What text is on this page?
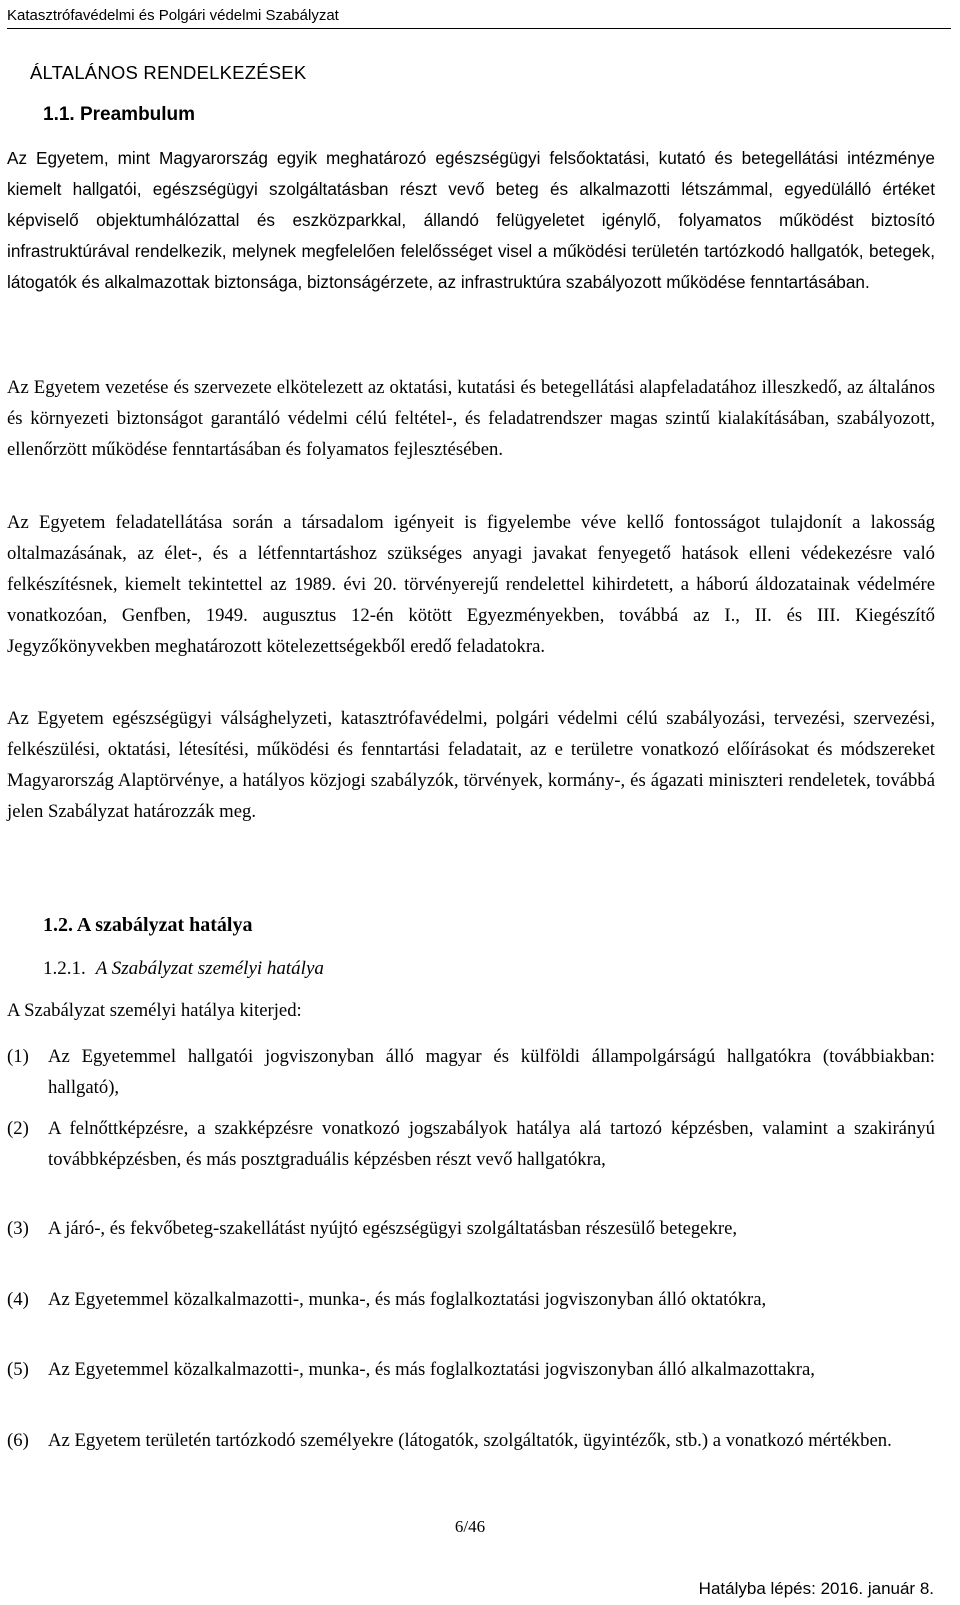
Katasztrófavédelmi és Polgári védelmi Szabályzat
ÁLTALÁNOS RENDELKEZÉSEK
1.1. Preambulum

Az Egyetem, mint Magyarország egyik meghatározó egészségügyi felsőoktatási, kutató és betegellátási intézménye kiemelt hallgatói, egészségügyi szolgáltatásban részt vevő beteg és alkalmazotti létszámmal, egyedülálló értéket képviselő objektumhálózattal és eszközparkkal, állandó felügyeletet igénylő, folyamatos működést biztosító infrastruktúrával rendelkezik, melynek megfelelően felelősséget visel a működési területén tartózkodó hallgatók, betegek, látogatók és alkalmazottak biztonsága, biztonságérzete, az infrastruktúra szabályozott működése fenntartásában.

Az Egyetem vezetése és szervezete elkötelezett az oktatási, kutatási és betegellátási alapfeladatához illeszkedő, az általános és környezeti biztonságot garantáló védelmi célú feltétel-, és feladatrendszer magas szintű kialakításában, szabályozott, ellenőrzött működése fenntartásában és folyamatos fejlesztésében.

Az Egyetem feladatellátása során a társadalom igényeit is figyelembe véve kellő fontosságot tulajdonít a lakosság oltalmazásának, az élet-, és a létfenntartáshoz szükséges anyagi javakat fenyegető hatások elleni védekezésre való felkészítésnek, kiemelt tekintettel az 1989. évi 20. törvényerejű rendelettel kihirdetett, a háború áldozatainak védelmére vonatkozóan, Genfben, 1949. augusztus 12-én kötött Egyezményekben, továbbá az I., II. és III. Kiegészítő Jegyzőkönyvekben meghatározott kötelezettségekből eredő feladatokra.

Az Egyetem egészségügyi válsághelyzeti, katasztrófavédelmi, polgári védelmi célú szabályozási, tervezési, szervezési, felkészülési, oktatási, létesítési, működési és fenntartási feladatait, az e területre vonatkozó előírásokat és módszereket Magyarország Alaptörvénye, a hatályos közjogi szabályzók, törvények, kormány-, és ágazati miniszteri rendeletek, továbbá jelen Szabályzat határozzák meg.

1.2. A szabályzat hatálya
1.2.1. A Szabályzat személyi hatálya
A Szabályzat személyi hatálya kiterjed:
(1) Az Egyetemmel hallgatói jogviszonyban álló magyar és külföldi állampolgárságú hallgatókra (továbbiakban: hallgató),
(2) A felnőttképzésre, a szakképzésre vonatkozó jogszabályok hatálya alá tartozó képzésben, valamint a szakirányú továbbképzésben, és más posztgraduális képzésben részt vevő hallgatókra,
(3) A járó-, és fekvőbeteg-szakellátást nyújtó egészségügyi szolgáltatásban részesülő betegekre,
(4) Az Egyetemmel közalkalmazotti-, munka-, és más foglalkoztatási jogviszonyban álló oktatókra,
(5) Az Egyetemmel közalkalmazotti-, munka-, és más foglalkoztatási jogviszonyban álló alkalmazottakra,
(6) Az Egyetem területén tartózkodó személyekre (látogatók, szolgáltatók, ügyintézők, stb.) a vonatkozó mértékben.
6/46
Hatályba lépés: 2016. január 8.
